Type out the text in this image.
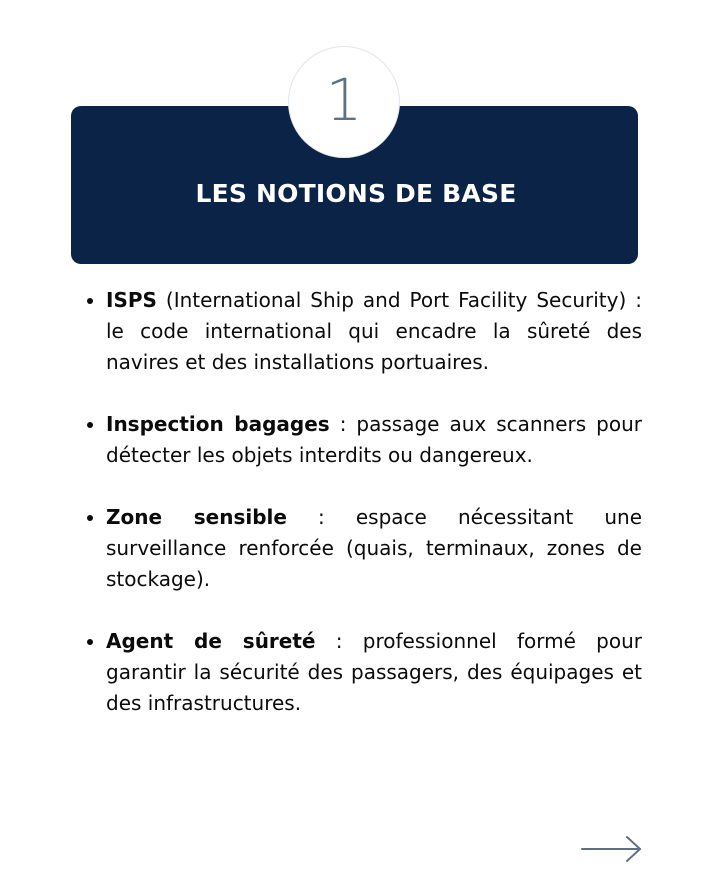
LES NOTIONS DE BASE
1
ISPS (International Ship and Port Facility Security) : le code international qui encadre la sûreté des navires et des installations portuaires.
Inspection bagages : passage aux scanners pour détecter les objets interdits ou dangereux.
Zone sensible : espace nécessitant une surveillance renforcée (quais, terminaux, zones de stockage).
Agent de sûreté : professionnel formé pour garantir la sécurité des passagers, des équipages et des infrastructures.
